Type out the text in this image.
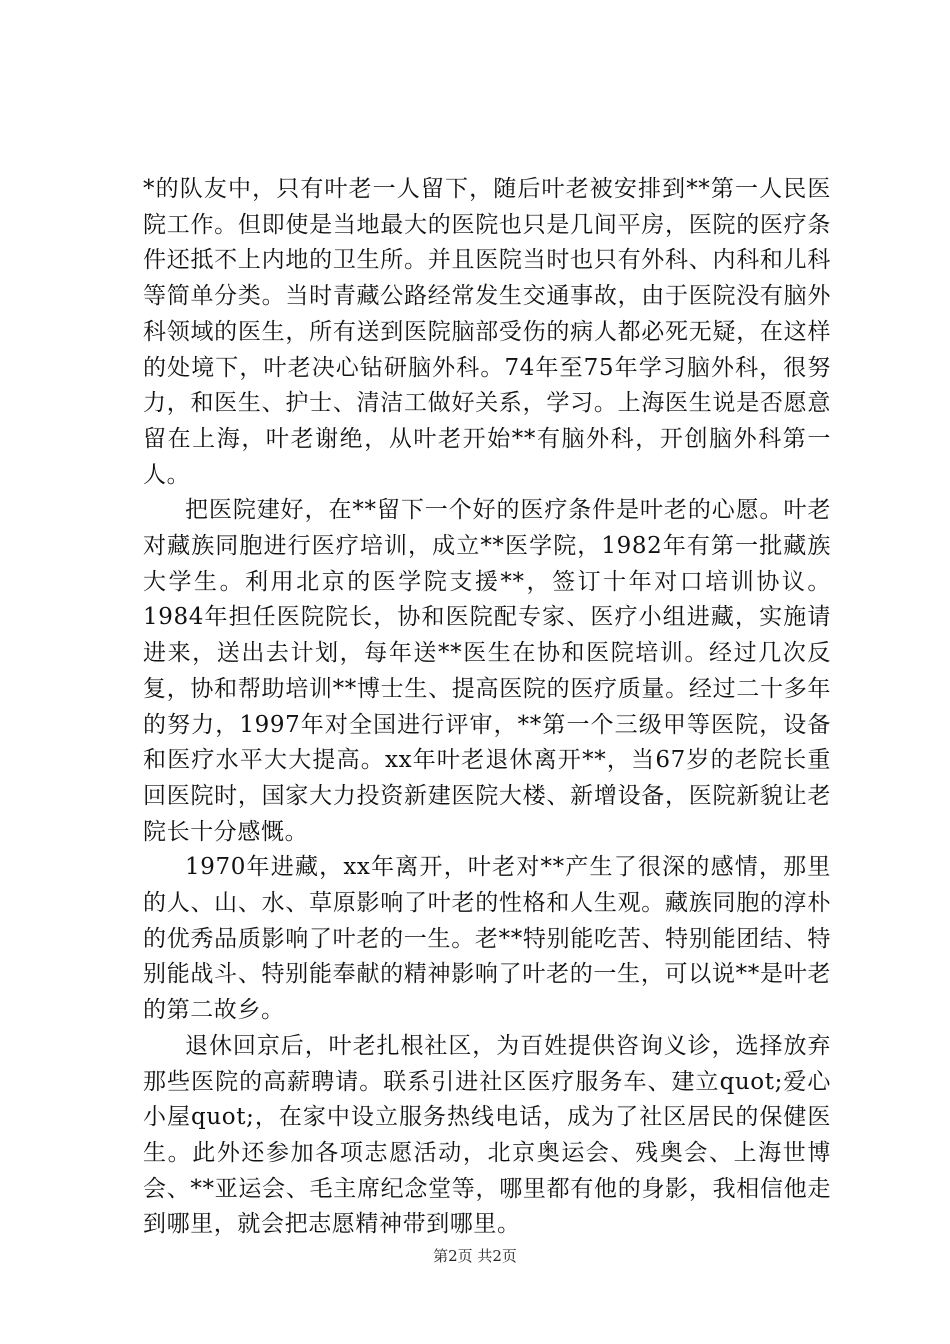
*的队友中，只有叶老一人留下，随后叶老被安排到**第一人民医院工作。但即使是当地最大的医院也只是几间平房，医院的医疗条件还抵不上内地的卫生所。并且医院当时也只有外科、内科和儿科等简单分类。当时青藏公路经常发生交通事故，由于医院没有脑外科领域的医生，所有送到医院脑部受伤的病人都必死无疑，在这样的处境下，叶老决心钻研脑外科。74年至75年学习脑外科，很努力，和医生、护士、清洁工做好关系，学习。上海医生说是否愿意留在上海，叶老谢绝，从叶老开始**有脑外科，开创脑外科第一人。

把医院建好，在**留下一个好的医疗条件是叶老的心愿。叶老对藏族同胞进行医疗培训，成立**医学院，1982年有第一批藏族大学生。利用北京的医学院支援**，签订十年对口培训协议。1984年担任医院院长，协和医院配专家、医疗小组进藏，实施请进来，送出去计划，每年送**医生在协和医院培训。经过几次反复，协和帮助培训**博士生、提高医院的医疗质量。经过二十多年的努力，1997年对全国进行评审，**第一个三级甲等医院，设备和医疗水平大大提高。xx年叶老退休离开**，当67岁的老院长重回医院时，国家大力投资新建医院大楼、新增设备，医院新貌让老院长十分感慨。

1970年进藏，xx年离开，叶老对**产生了很深的感情，那里的人、山、水、草原影响了叶老的性格和人生观。藏族同胞的淳朴的优秀品质影响了叶老的一生。老**特别能吃苦、特别能团结、特别能战斗、特别能奉献的精神影响了叶老的一生，可以说**是叶老的第二故乡。

退休回京后，叶老扎根社区，为百姓提供咨询义诊，选择放弃那些医院的高薪聘请。联系引进社区医疗服务车、建立quot;爱心小屋quot;，在家中设立服务热线电话，成为了社区居民的保健医生。此外还参加各项志愿活动，北京奥运会、残奥会、上海世博会、**亚运会、毛主席纪念堂等，哪里都有他的身影，我相信他走到哪里，就会把志愿精神带到哪里。

第2页 共2页
